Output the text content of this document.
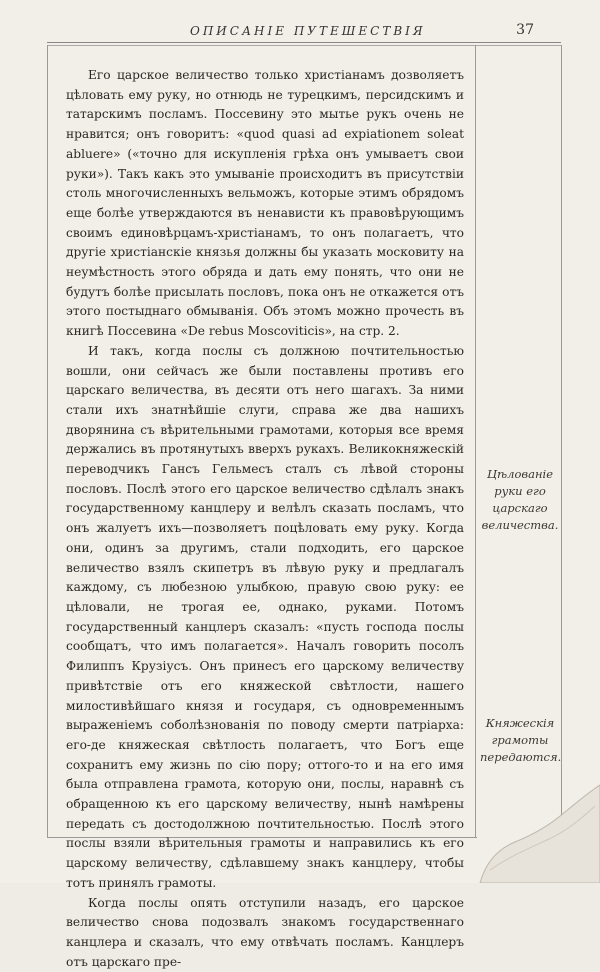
ОПИСАНІЕ ПУТЕШЕСТВІЯ	37

Его царское величество только христіанамъ дозволяетъ цѣловать ему руку, но отнюдь не турецкимъ, персидскимъ и татарскимъ посламъ. Поссевину это мытье рукъ очень не нравится; онъ говоритъ: «quod quasi ad expiationem soleat abluere» («точно для искупленія грѣха онъ умываетъ свои руки»). Такъ какъ это умываніе происходитъ въ присутствіи столь многочисленныхъ вельможъ, которые этимъ обрядомъ еще болѣе утверждаются въ ненависти къ правовѣрующимъ своимъ единовѣрцамъ-христіанамъ, то онъ полагаетъ, что другіе христіанскіе князья должны бы указать московиту на неумѣстность этого обряда и дать ему понять, что они не будутъ болѣе присылать пословъ, пока онъ не откажется отъ этого постыднаго обмыванія. Объ этомъ можно прочесть въ книгѣ Поссевина «De rebus Moscoviticis», на стр. 2.

И такъ, когда послы съ должною почтительностью вошли, они сейчасъ же были поставлены противъ его царскаго величества, въ десяти отъ него шагахъ. За ними стали ихъ знатнѣйшіе слуги, справа же два нашихъ дворянина съ вѣрительными грамотами, которыя все время держались въ протянутыхъ вверхъ рукахъ. Великокняжескій переводчикъ Гансъ Гельмесъ сталъ съ лѣвой стороны пословъ. Послѣ этого его царское величество сдѣлалъ знакъ государственному канцлеру и велѣлъ сказать посламъ, что онъ жалуетъ ихъ—позволяетъ поцѣловать ему руку. Когда они, одинъ за другимъ, стали подходить, его царское величество взялъ скипетръ въ лѣвую руку и предлагалъ каждому, съ любезною улыбкою, правую свою руку: ее цѣловали, не трогая ее, однако, руками. Потомъ государственный канцлеръ сказалъ: «пусть господа послы сообщатъ, что имъ полагается». Началъ говорить посолъ Филиппъ Крузіусъ. Онъ принесъ его царскому величеству привѣтствіе отъ его княжеской свѣтлости, нашего милостивѣйшаго князя и государя, съ одновременнымъ выраженіемъ соболѣзнованія по поводу смерти патріарха: его-де княжеская свѣтлость полагаетъ, что Богъ еще сохранитъ ему жизнь по сію пору; оттого-то и на его имя была отправлена грамота, которую они, послы, наравнѣ съ обращенною къ его царскому величеству, нынѣ намѣрены передать съ достодолжною почтительностью. Послѣ этого послы взяли вѣрительныя грамоты и направились къ его царскому величеству, сдѣлавшему знакъ канцлеру, чтобы тотъ принялъ грамоты.

Когда послы опять отступили назадъ, его царское величество снова подозвалъ знакомъ государственнаго канцлера и сказалъ, что ему отвѣчать посламъ. Канцлеръ отъ царскаго пре-

Цѣлованіе руки его царскаго величества.
Княжескія грамоты передаются.
